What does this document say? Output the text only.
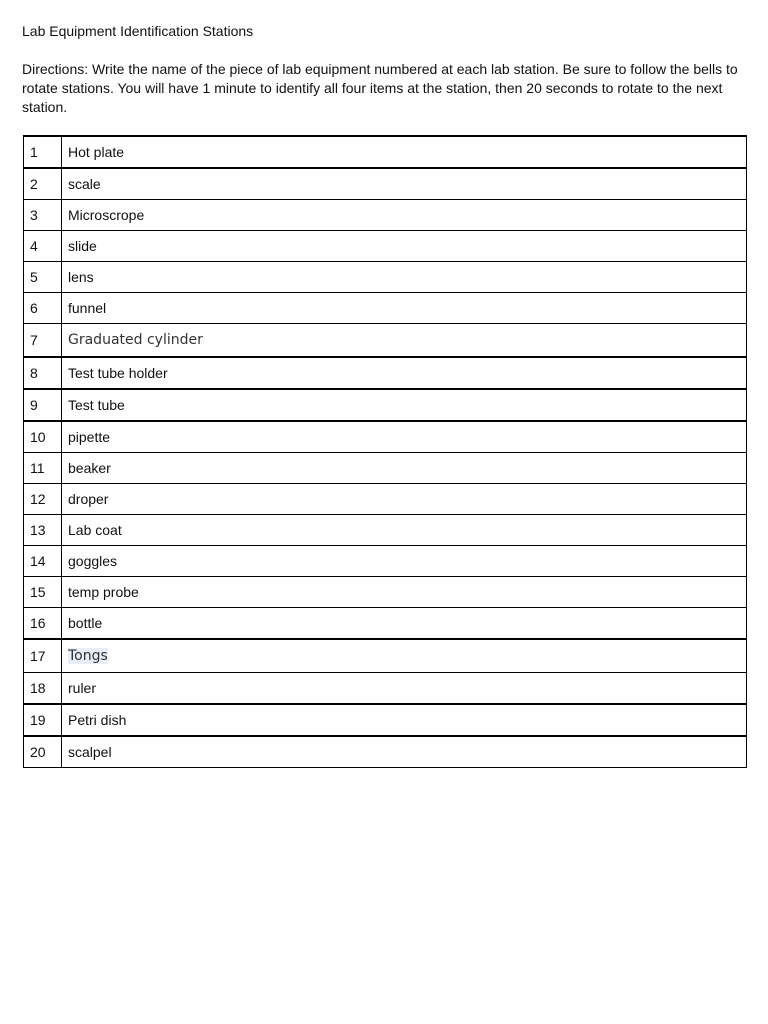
Lab Equipment Identification Stations
Directions: Write the name of the piece of lab equipment numbered at each lab station. Be sure to follow the bells to rotate stations. You will have 1 minute to identify all four items at the station, then 20 seconds to rotate to the next station.
1	Hot plate
2	scale
3	Microscrope
4	slide
5	lens
6	funnel
7	Graduated cylinder
8	Test tube holder
9	Test tube
10	pipette
11	beaker
12	droper
13	Lab coat
14	goggles
15	temp probe
16	bottle
17	Tongs
18	ruler
19	Petri dish
20	scalpel
